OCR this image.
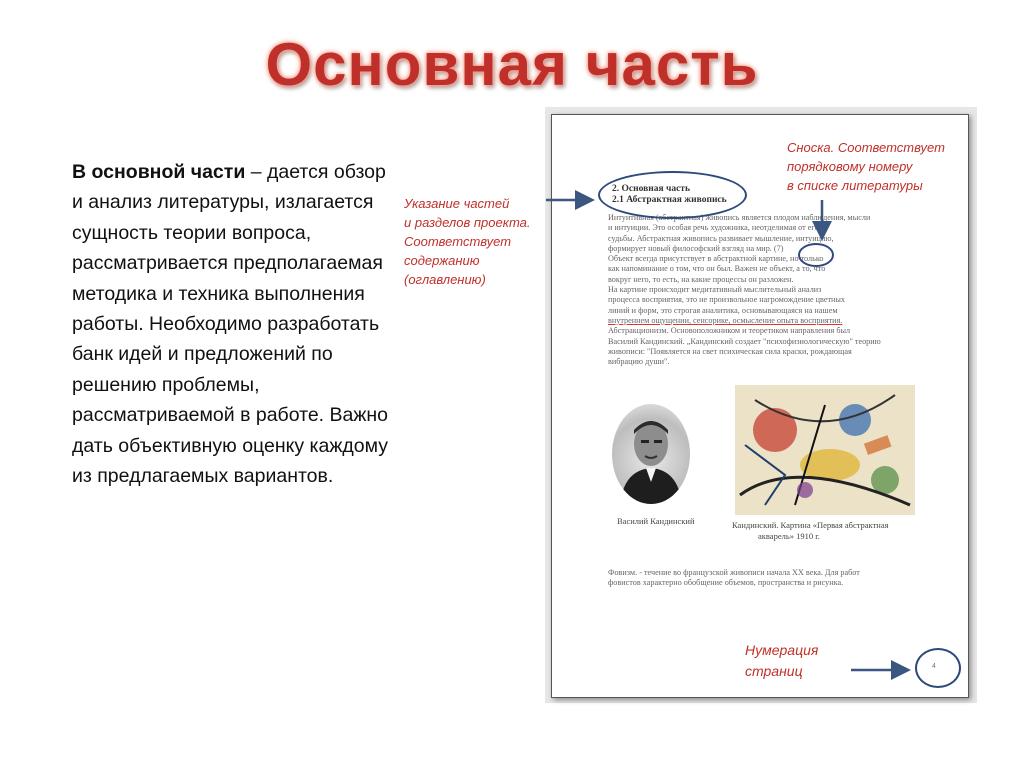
Основная часть
В основной части – дается обзор и анализ литературы, излагается сущность теории вопроса, рассматривается предполагаемая методика и техника выполнения работы. Необходимо разработать банк идей и предложений по решению проблемы, рассматриваемой в работе. Важно дать объективную оценку каждому из предлагаемых вариантов.
2. Основная часть
2.1 Абстрактная живопись

Интуитивная (абстрактная) живопись является плодом наблюдения, мысли

и интуиции. Это особая речь художника, неотделимая от его

судьбы. Абстрактная живопись развивает мышление, интуицию,

формирует новый философский взгляд на мир. (7)

Объект всегда присутствует в абстрактной картине, но только

как напоминание о том, что он был. Важен не объект, а то, что

вокруг него, то есть, на какие процессы он разложен.

На картине происходит медитативный мыслительный анализ

процесса восприятия, это не произвольное нагромождение цветных

линий и форм, это строгая аналитика, основывающаяся на нашем

внутреннем ощущении, сенсорике, осмысление опыта восприятия.

Абстракционизм. Основоположником и теоретиком направления был

Василий Кандинский. „Кандинский создает "психофизиологическую" теорию

живописи: "Появляется на свет психическая сила краски, рождающая

вибрацию души".

Василий Кандинский	Кандинский. Картина «Первая абстрактная
акварель» 1910 г.

Фовизм. - течение во французской живописи начала XX века. Для работ

фовистов характерно обобщение объемов, пространства и рисунка.

4
Указание частей
и разделов проекта.
Соответствует
содержанию
(оглавлению)
Сноска. Соответствует
порядковому номеру
в списке литературы
Нумерация
страниц
